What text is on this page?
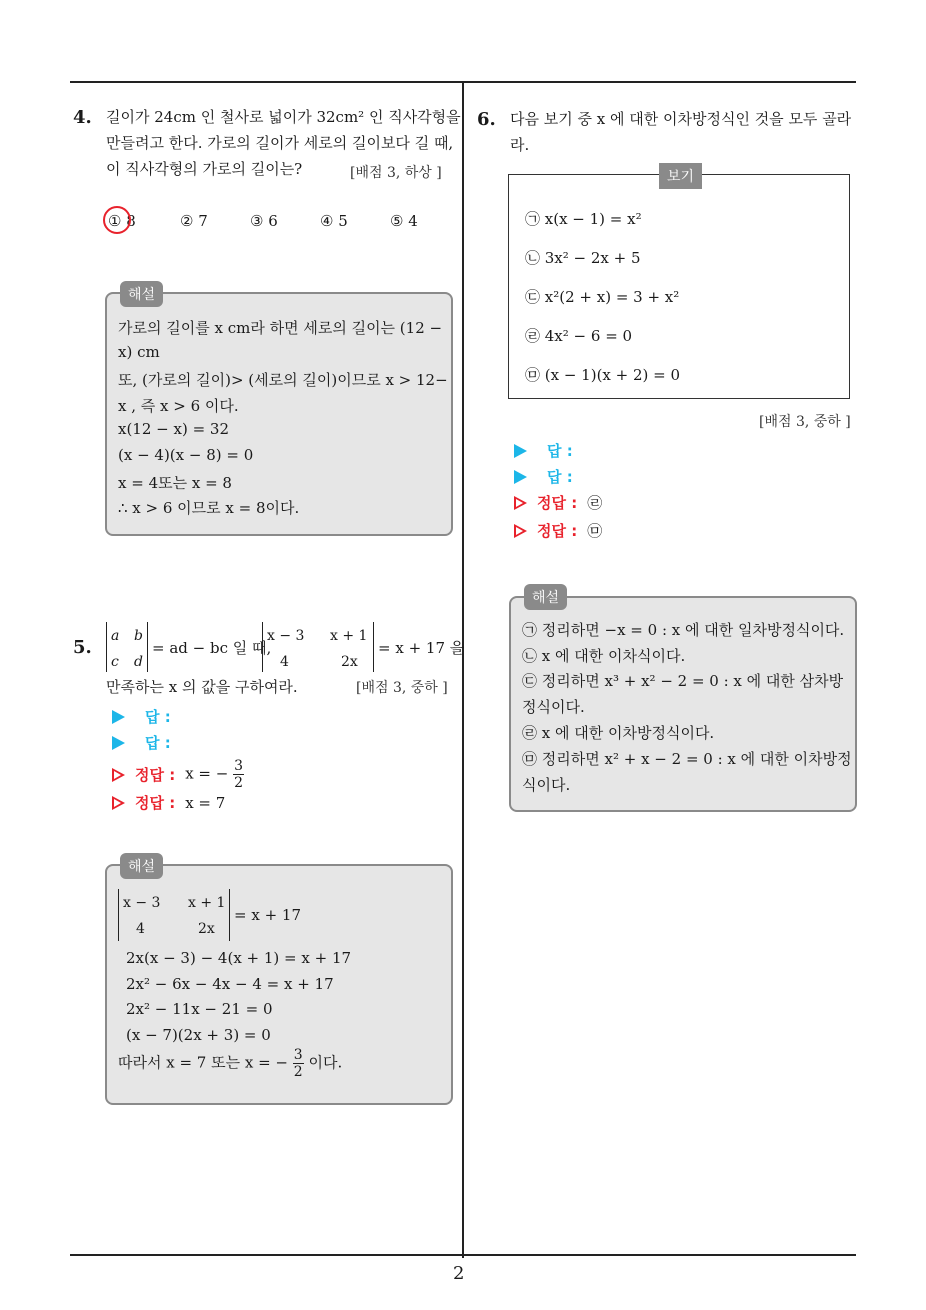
2
4. 길이가 24cm 인 철사로 넓이가 32cm² 인 직사각형을
만들려고 한다. 가로의 길이가 세로의 길이보다 길 때,
이 직사각형의 가로의 길이는?	[배점 3, 하상 ]
① 8	② 7	③ 6	④ 5	⑤ 4
해설
가로의 길이를 x cm라 하면 세로의 길이는 (12 −
x) cm
또, (가로의 길이)> (세로의 길이)이므로 x > 12−
x , 즉 x > 6 이다.
x(12 − x) = 32
(x − 4)(x − 8) = 0
x = 4또는 x = 8
∴ x > 6 이므로 x = 8이다.
5.
a b
c d
= ad − bc 일 때,
x − 3 x + 1
4	2x
= x + 17 을
만족하는 x 의 값을 구하여라.	[배점 3, 중하 ]
답 :
답 :
정답 : x = − $\frac{3}{2}$
정답 : x = 7
해설
x − 3 x + 1
4	2x
= x + 17
2x(x − 3) − 4(x + 1) = x + 17
2x² − 6x − 4x − 4 = x + 17
2x² − 11x − 21 = 0
(x − 7)(2x + 3) = 0
따라서 x = 7 또는 x = − $\frac{3}{2}$ 이다.
6. 다음 보기 중 x 에 대한 이차방정식인 것을 모두 골라
라.
보기
㉠ x(x − 1) = x²
㉡ 3x² − 2x + 5
㉢ x²(2 + x) = 3 + x²
㉣ 4x² − 6 = 0
㉤ (x − 1)(x + 2) = 0
[배점 3, 중하 ]
답 :
답 :
정답 : ㉣
정답 : ㉤
해설
㉠ 정리하면 −x = 0 : x 에 대한 일차방정식이다.
㉡ x 에 대한 이차식이다.
㉢ 정리하면 x³ + x² − 2 = 0 : x 에 대한 삼차방
정식이다.
㉣ x 에 대한 이차방정식이다.
㉤ 정리하면 x² + x − 2 = 0 : x 에 대한 이차방정
식이다.
